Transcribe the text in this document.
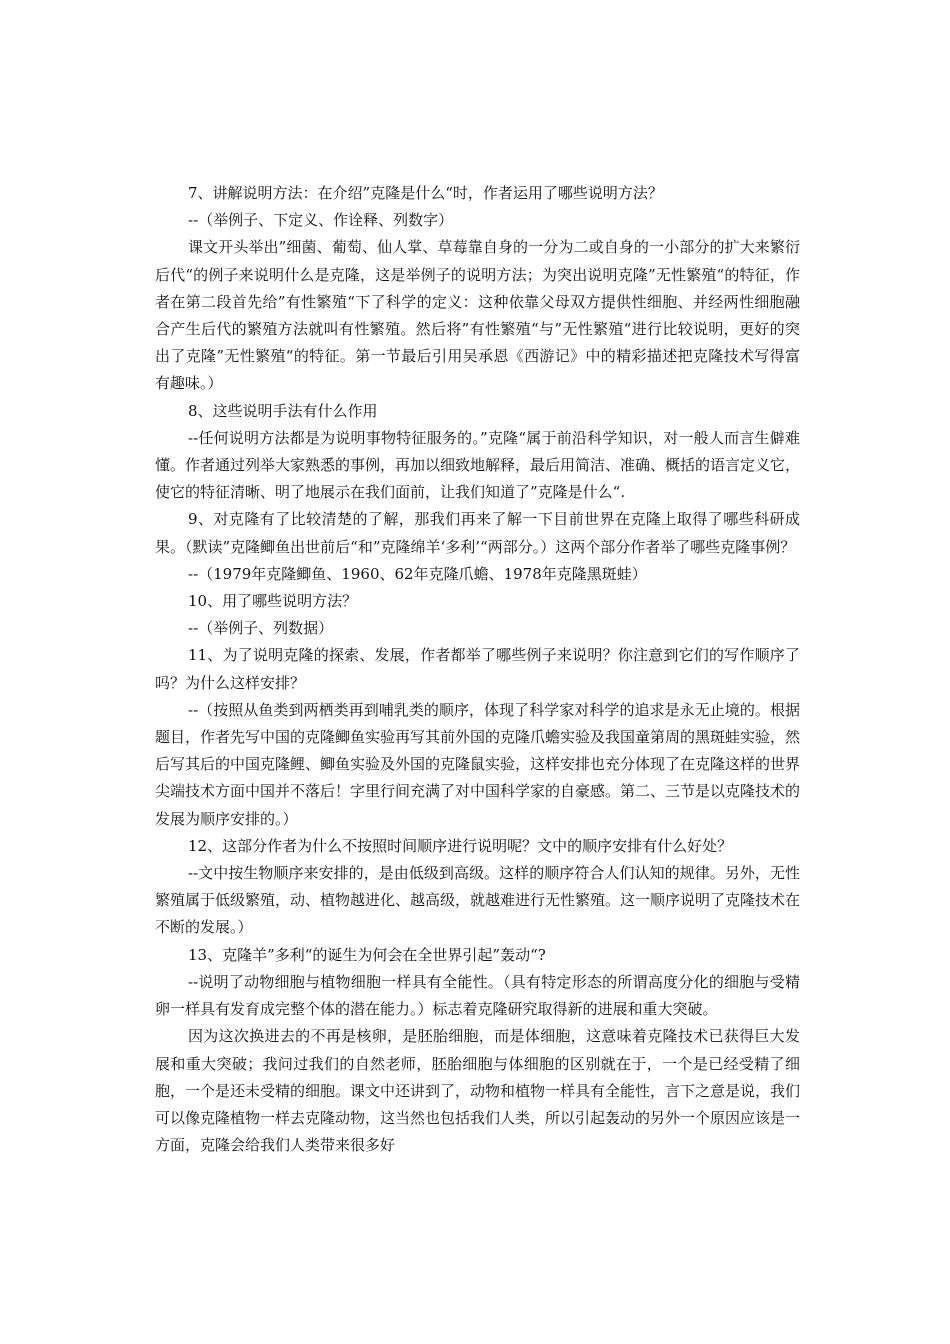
7、讲解说明方法：在介绍”克隆是什么“时，作者运用了哪些说明方法？

--（举例子、下定义、作诠释、列数字）

课文开头举出”细菌、葡萄、仙人掌、草莓靠自身的一分为二或自身的一小部分的扩大来繁衍后代“的例子来说明什么是克隆，这是举例子的说明方法；为突出说明克隆”无性繁殖“的特征，作者在第二段首先给”有性繁殖“下了科学的定义：这种依靠父母双方提供性细胞、并经两性细胞融合产生后代的繁殖方法就叫有性繁殖。然后将”有性繁殖“与”无性繁殖“进行比较说明，更好的突出了克隆”无性繁殖“的特征。第一节最后引用吴承恩《西游记》中的精彩描述把克隆技术写得富有趣味。）

8、这些说明手法有什么作用

--任何说明方法都是为说明事物特征服务的。”克隆“属于前沿科学知识，对一般人而言生僻难懂。作者通过列举大家熟悉的事例，再加以细致地解释，最后用简洁、准确、概括的语言定义它，使它的特征清晰、明了地展示在我们面前，让我们知道了”克隆是什么“.

9、对克隆有了比较清楚的了解，那我们再来了解一下目前世界在克隆上取得了哪些科研成果。（默读”克隆鲫鱼出世前后“和”克隆绵羊‘多利’“两部分。）这两个部分作者举了哪些克隆事例？

--（1979年克隆鲫鱼、1960、62年克隆爪蟾、1978年克隆黑斑蛙）

10、用了哪些说明方法？

--（举例子、列数据）

11、为了说明克隆的探索、发展，作者都举了哪些例子来说明？你注意到它们的写作顺序了吗？为什么这样安排？

--（按照从鱼类到两栖类再到哺乳类的顺序，体现了科学家对科学的追求是永无止境的。根据题目，作者先写中国的克隆鲫鱼实验再写其前外国的克隆爪蟾实验及我国童第周的黑斑蛙实验，然后写其后的中国克隆鲤、鲫鱼实验及外国的克隆鼠实验，这样安排也充分体现了在克隆这样的世界尖端技术方面中国并不落后！字里行间充满了对中国科学家的自豪感。第二、三节是以克隆技术的发展为顺序安排的。）

12、这部分作者为什么不按照时间顺序进行说明呢？文中的顺序安排有什么好处？

--文中按生物顺序来安排的，是由低级到高级。这样的顺序符合人们认知的规律。另外，无性繁殖属于低级繁殖，动、植物越进化、越高级，就越难进行无性繁殖。这一顺序说明了克隆技术在不断的发展。）

13、克隆羊”多利“的诞生为何会在全世界引起”轰动“?

--说明了动物细胞与植物细胞一样具有全能性。（具有特定形态的所谓高度分化的细胞与受精卵一样具有发育成完整个体的潜在能力。）标志着克隆研究取得新的进展和重大突破。

因为这次换进去的不再是核卵，是胚胎细胞，而是体细胞，这意味着克隆技术已获得巨大发展和重大突破；我问过我们的自然老师，胚胎细胞与体细胞的区别就在于，一个是已经受精了细胞，一个是还未受精的细胞。课文中还讲到了，动物和植物一样具有全能性，言下之意是说，我们可以像克隆植物一样去克隆动物，这当然也包括我们人类，所以引起轰动的另外一个原因应该是一方面，克隆会给我们人类带来很多好
